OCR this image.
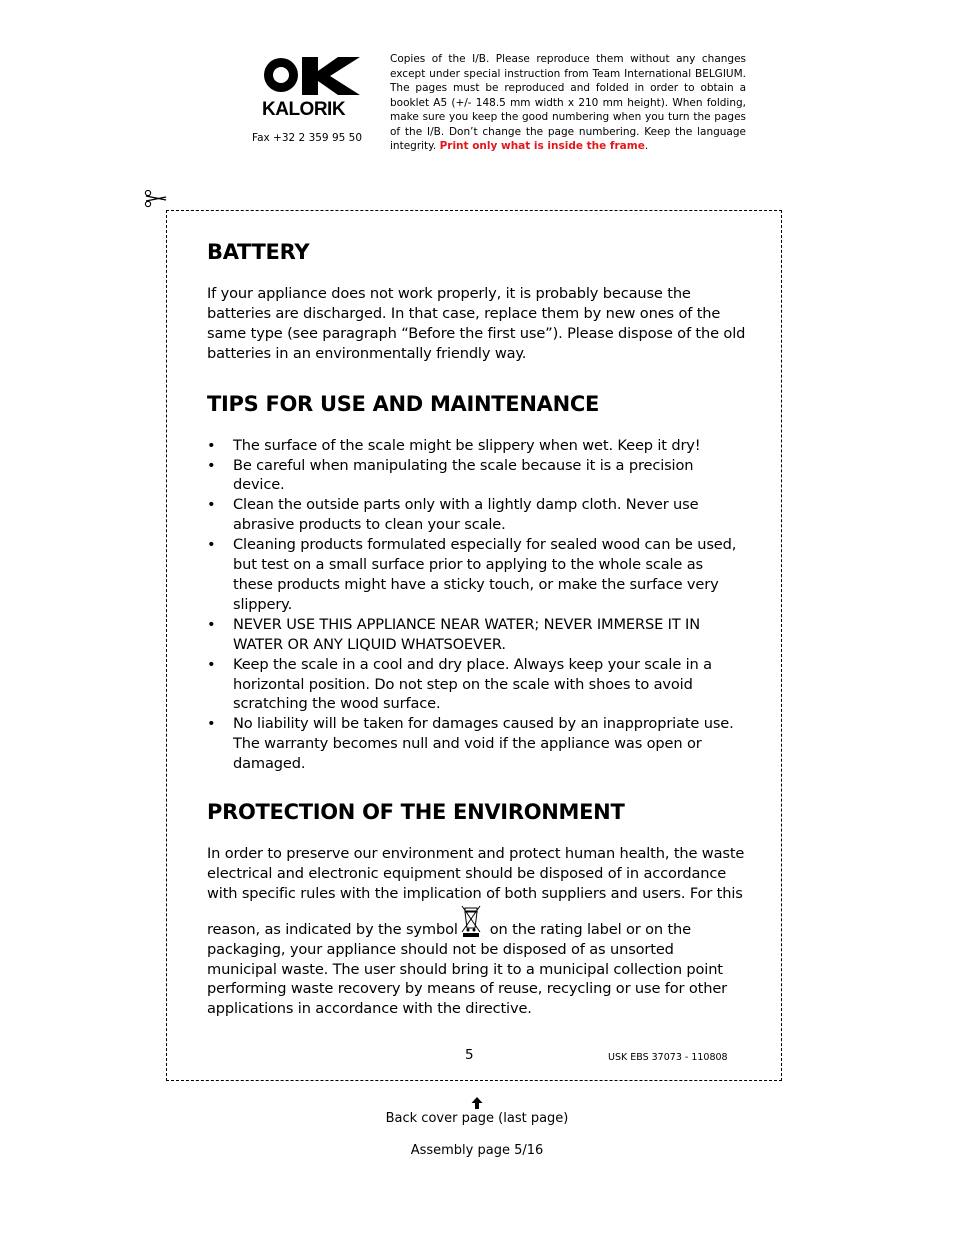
KALORIK
Fax +32 2 359 95 50
Copies of the I/B. Please reproduce them without any changes except under special instruction from Team International BELGIUM. The pages must be reproduced and folded in order to obtain a booklet A5 (+/- 148.5 mm width x 210 mm height). When folding, make sure you keep the good numbering when you turn the pages of the I/B. Don’t change the page numbering. Keep the language integrity. Print only what is inside the frame.
BATTERY

If your appliance does not work properly, it is probably because the batteries are discharged. In that case, replace them by new ones of the same type (see paragraph “Before the first use”). Please dispose of the old batteries in an environmentally friendly way.

TIPS FOR USE AND MAINTENANCE
• The surface of the scale might be slippery when wet. Keep it dry!
• Be careful when manipulating the scale because it is a precision device.
• Clean the outside parts only with a lightly damp cloth. Never use abrasive products to clean your scale.
• Cleaning products formulated especially for sealed wood can be used, but test on a small surface prior to applying to the whole scale as these products might have a sticky touch, or make the surface very slippery.
• NEVER USE THIS APPLIANCE NEAR WATER; NEVER IMMERSE IT IN WATER OR ANY LIQUID WHATSOEVER.
• Keep the scale in a cool and dry place. Always keep your scale in a horizontal position. Do not step on the scale with shoes to avoid scratching the wood surface.
• No liability will be taken for damages caused by an inappropriate use. The warranty becomes null and void if the appliance was open or damaged.
PROTECTION OF THE ENVIRONMENT

In order to preserve our environment and protect human health, the waste electrical and electronic equipment should be disposed of in accordance with specific rules with the implication of both suppliers and users. For this reason, as indicated by the symbol on the rating label or on the packaging, your appliance should not be disposed of as unsorted municipal waste. The user should bring it to a municipal collection point performing waste recovery by means of reuse, recycling or use for other applications in accordance with the directive.

5	USK EBS 37073 - 110808
Back cover page (last page)
Assembly page 5/16
